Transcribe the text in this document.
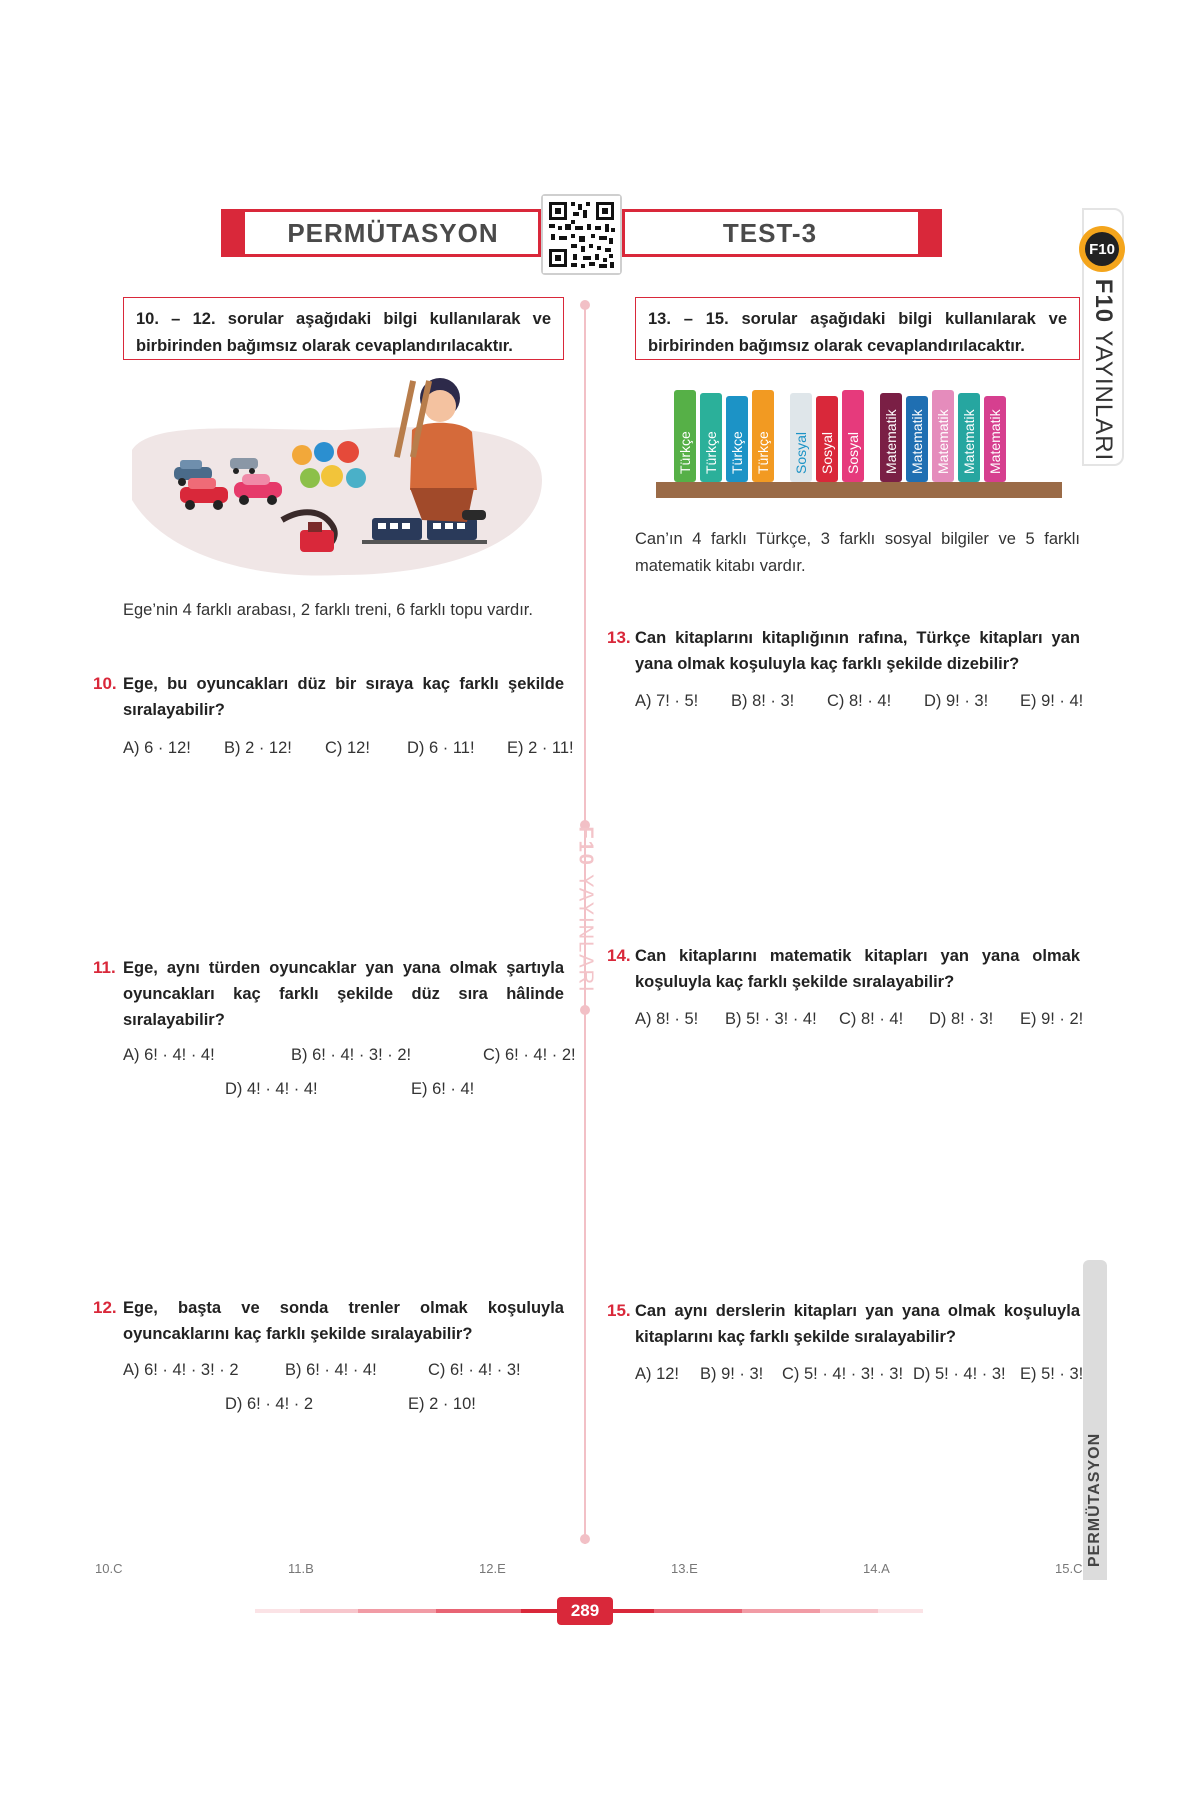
PERMÜTASYON	TEST-3
F10
F10 YAYINLARI
F10 YAYINLARI
10. – 12. sorular aşağıdaki bilgi kullanılarak ve birbirinden bağımsız olarak cevaplandırılacaktır.
Ege’nin 4 farklı arabası, 2 farklı treni, 6 farklı topu vardır.
10. Ege, bu oyuncakları düz bir sıraya kaç farklı şekilde sıralayabilir?
A) 6 · 12! B) 2 · 12! C) 12! D) 6 · 11! E) 2 · 11!
11. Ege, aynı türden oyuncaklar yan yana olmak şartıyla oyuncakları kaç farklı şekilde düz sıra hâlinde sıralayabilir?
A) 6! · 4! · 4!	B) 6! · 4! · 3! · 2!	C) 6! · 4! · 2!
D) 4! · 4! · 4!	E) 6! · 4!
12. Ege, başta ve sonda trenler olmak koşuluyla oyuncaklarını kaç farklı şekilde sıralayabilir?
A) 6! · 4! · 3! · 2	B) 6! · 4! · 4!	C) 6! · 4! · 3!
D) 6! · 4! · 2	E) 2 · 10!
13. – 15. sorular aşağıdaki bilgi kullanılarak ve birbirinden bağımsız olarak cevaplandırılacaktır.
Türkçe Türkçe Türkçe Türkçe Sosyal Sosyal Sosyal Matematik Matematik Matematik Matematik Matematik
Can’ın 4 farklı Türkçe, 3 farklı sosyal bilgiler ve 5 farklı matematik kitabı vardır.
13. Can kitaplarını kitaplığının rafına, Türkçe kitapları yan yana olmak koşuluyla kaç farklı şekilde dizebilir?
A) 7! · 5! B) 8! · 3! C) 8! · 4! D) 9! · 3! E) 9! · 4!
14. Can kitaplarını matematik kitapları yan yana olmak koşuluyla kaç farklı şekilde sıralayabilir?
A) 8! · 5! B) 5! · 3! · 4! C) 8! · 4! D) 8! · 3! E) 9! · 2!
15. Can aynı derslerin kitapları yan yana olmak koşuluyla kitaplarını kaç farklı şekilde sıralayabilir?
A) 12! B) 9! · 3! C) 5! · 4! · 3! · 3! D) 5! · 4! · 3! E) 5! · 3!
PERMÜTASYON
10.C	11.B	12.E	13.E	14.A	15.C
289
